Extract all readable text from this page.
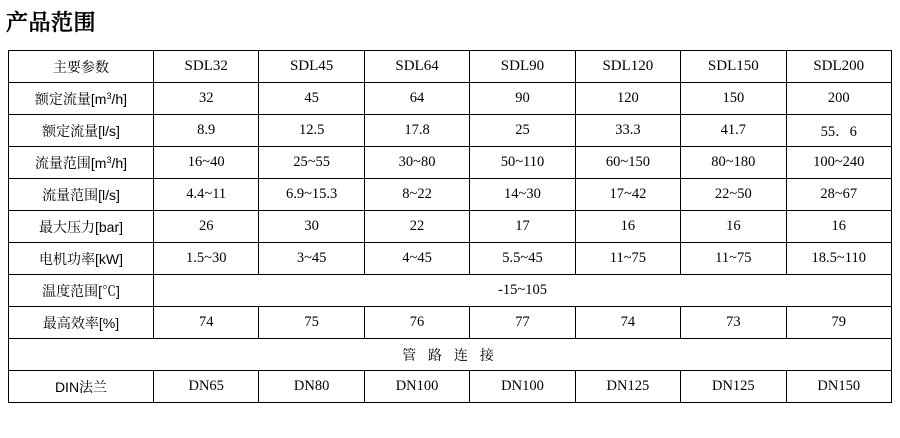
产品范围
主要参数	SDL32	SDL45	SDL64	SDL90	SDL120	SDL150	SDL200
额定流量$[m^3/h]$	32	45	64	90	120	150	200
额定流量[l/s]	8.9	12.5	17.8	25	33.3	41.7	55．6
流量范围$[m^3/h]$	16~40	25~55	30~80	50~110	60~150	80~180	100~240
流量范围[l/s]	4.4~11	6.9~15.3	8~22	14~30	17~42	22~50	28~67
最大压力[bar]	26	30	22	17	16	16	16
电机功率[kW]	1.5~30	3~45	4~45	5.5~45	11~75	11~75	18.5~110
温度范围[℃]	-15~105						
最高效率[%]	74	75	76	77	74	73	79
管 路 连 接							
DIN法兰	DN65	DN80	DN100	DN100	DN125	DN125	DN150
